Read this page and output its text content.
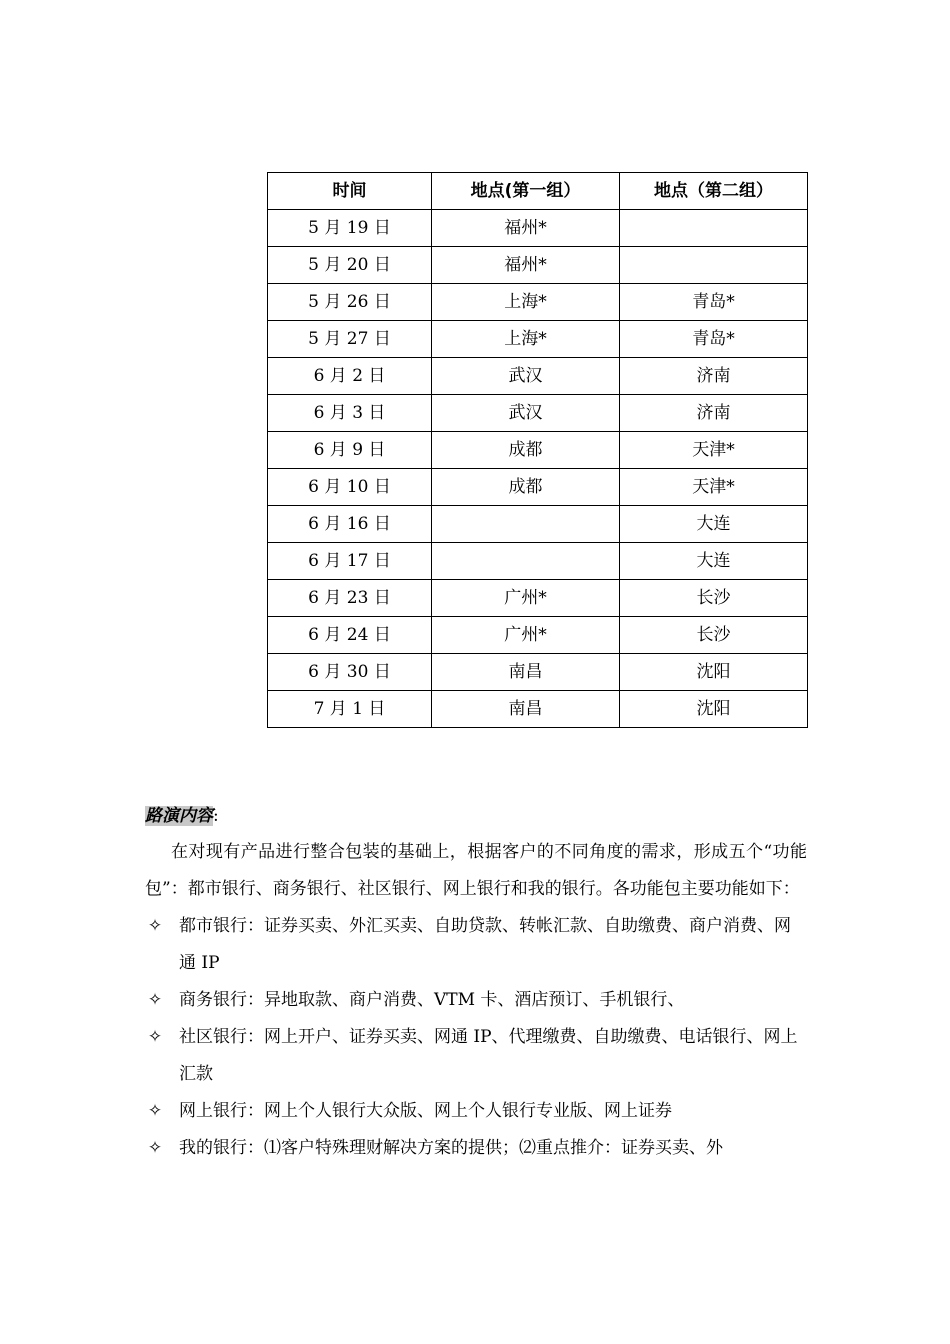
时间	地点(第一组）	地点（第二组）
5 月 19 日	福州*	
5 月 20 日	福州*	
5 月 26 日	上海*	青岛*
5 月 27 日	上海*	青岛*
6 月 2 日	武汉	济南
6 月 3 日	武汉	济南
6 月 9 日	成都	天津*
6 月 10 日	成都	天津*
6 月 16 日		大连
6 月 17 日		大连
6 月 23 日	广州*	长沙
6 月 24 日	广州*	长沙
6 月 30 日	南昌	沈阳
7 月 1 日	南昌	沈阳
路演内容:

在对现有产品进行整合包装的基础上，根据客户的不同角度的需求，形成五个“功能包”：都市银行、商务银行、社区银行、网上银行和我的银行。各功能包主要功能如下：

✧ 都市银行：证券买卖、外汇买卖、自助贷款、转帐汇款、自助缴费、商户消费、网通 IP
✧ 商务银行：异地取款、商户消费、VTM 卡、酒店预订、手机银行、
✧ 社区银行：网上开户、证券买卖、网通 IP、代理缴费、自助缴费、电话银行、网上汇款
✧ 网上银行：网上个人银行大众版、网上个人银行专业版、网上证券
✧ 我的银行：⑴客户特殊理财解决方案的提供；⑵重点推介：证券买卖、外
